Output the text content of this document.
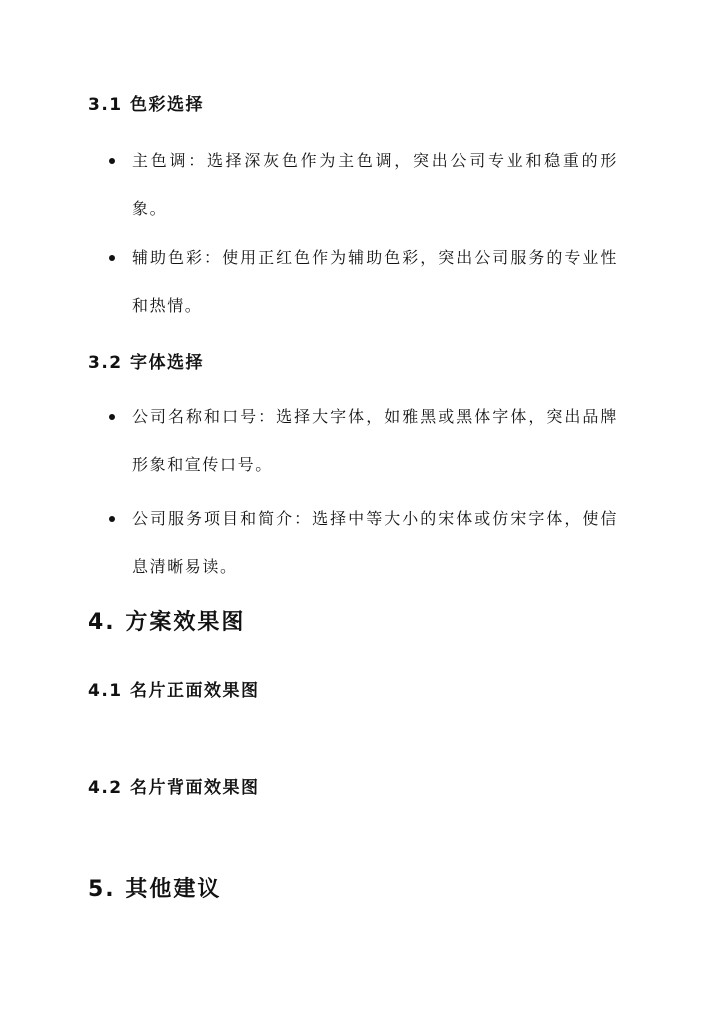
3.1 色彩选择
主色调：选择深灰色作为主色调，突出公司专业和稳重的形象。
辅助色彩：使用正红色作为辅助色彩，突出公司服务的专业性和热情。
3.2 字体选择
公司名称和口号：选择大字体，如雅黑或黑体字体，突出品牌形象和宣传口号。
公司服务项目和简介：选择中等大小的宋体或仿宋字体，使信息清晰易读。
4. 方案效果图
4.1 名片正面效果图
4.2 名片背面效果图
5. 其他建议
